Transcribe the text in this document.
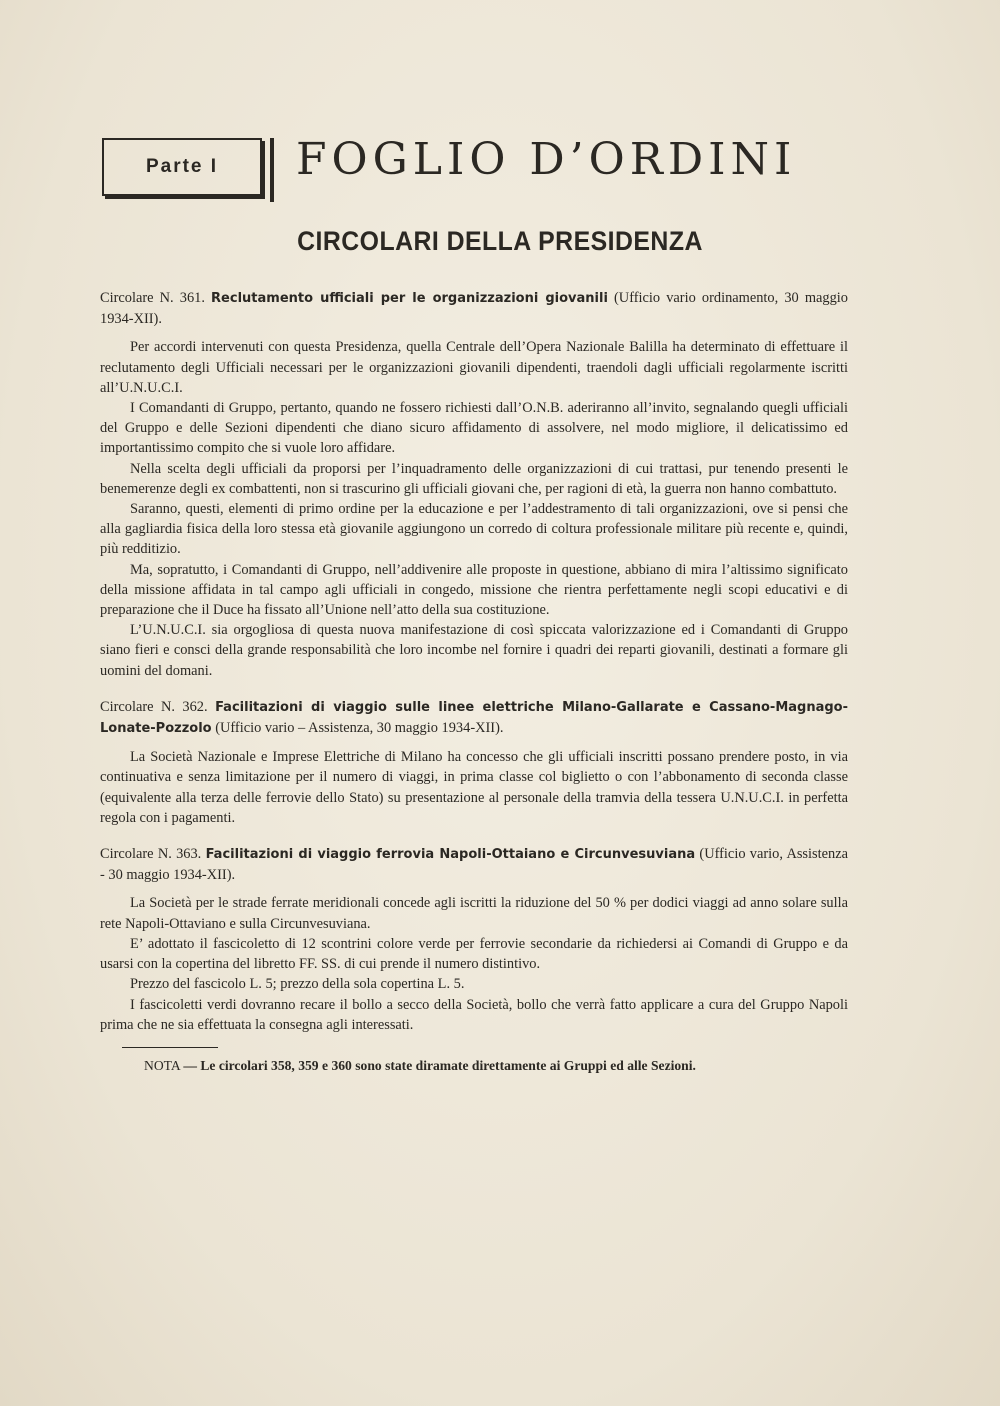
Parte I FOGLIO D’ORDINI
CIRCOLARI DELLA PRESIDENZA

Circolare N. 361. Reclutamento ufficiali per le organizzazioni giovanili (Ufficio vario ordinamento, 30 maggio 1934-XII).

Per accordi intervenuti con questa Presidenza, quella Centrale dell’Opera Nazionale Balilla ha determinato di effettuare il reclutamento degli Ufficiali necessari per le organizzazioni giovanili dipendenti, traendoli dagli ufficiali regolarmente iscritti all’U.N.U.C.I.

I Comandanti di Gruppo, pertanto, quando ne fossero richiesti dall’O.N.B. aderiranno all’invito, segnalando quegli ufficiali del Gruppo e delle Sezioni dipendenti che diano sicuro affidamento di assolvere, nel modo migliore, il delicatissimo ed importantissimo compito che si vuole loro affidare.

Nella scelta degli ufficiali da proporsi per l’inquadramento delle organizzazioni di cui trattasi, pur tenendo presenti le benemerenze degli ex combattenti, non si trascurino gli ufficiali giovani che, per ragioni di età, la guerra non hanno combattuto.

Saranno, questi, elementi di primo ordine per la educazione e per l’addestramento di tali organizzazioni, ove si pensi che alla gagliardia fisica della loro stessa età giovanile aggiungono un corredo di coltura professionale militare più recente e, quindi, più redditizio.

Ma, sopratutto, i Comandanti di Gruppo, nell’addivenire alle proposte in questione, abbiano di mira l’altissimo significato della missione affidata in tal campo agli ufficiali in congedo, missione che rientra perfettamente negli scopi educativi e di preparazione che il Duce ha fissato all’Unione nell’atto della sua costituzione.

L’U.N.U.C.I. sia orgogliosa di questa nuova manifestazione di così spiccata valorizzazione ed i Comandanti di Gruppo siano fieri e consci della grande responsabilità che loro incombe nel fornire i quadri dei reparti giovanili, destinati a formare gli uomini del domani.

Circolare N. 362. Facilitazioni di viaggio sulle linee elettriche Milano-Gallarate e Cassano-Magnago-Lonate-Pozzolo (Ufficio vario – Assistenza, 30 maggio 1934-XII).

La Società Nazionale e Imprese Elettriche di Milano ha concesso che gli ufficiali inscritti possano prendere posto, in via continuativa e senza limitazione per il numero di viaggi, in prima classe col biglietto o con l’abbonamento di seconda classe (equivalente alla terza delle ferrovie dello Stato) su presentazione al personale della tramvia della tessera U.N.U.C.I. in perfetta regola con i pagamenti.

Circolare N. 363. Facilitazioni di viaggio ferrovia Napoli-Ottaiano e Circunvesuviana (Ufficio vario, Assistenza - 30 maggio 1934-XII).

La Società per le strade ferrate meridionali concede agli iscritti la riduzione del 50 % per dodici viaggi ad anno solare sulla rete Napoli-Ottaviano e sulla Circunvesuviana.

E’ adottato il fascicoletto di 12 scontrini colore verde per ferrovie secondarie da richiedersi ai Comandi di Gruppo e da usarsi con la copertina del libretto FF. SS. di cui prende il numero distintivo.

Prezzo del fascicolo L. 5; prezzo della sola copertina L. 5.

I fascicoletti verdi dovranno recare il bollo a secco della Società, bollo che verrà fatto applicare a cura del Gruppo Napoli prima che ne sia effettuata la consegna agli interessati.

NOTA — Le circolari 358, 359 e 360 sono state diramate direttamente ai Gruppi ed alle Sezioni.
